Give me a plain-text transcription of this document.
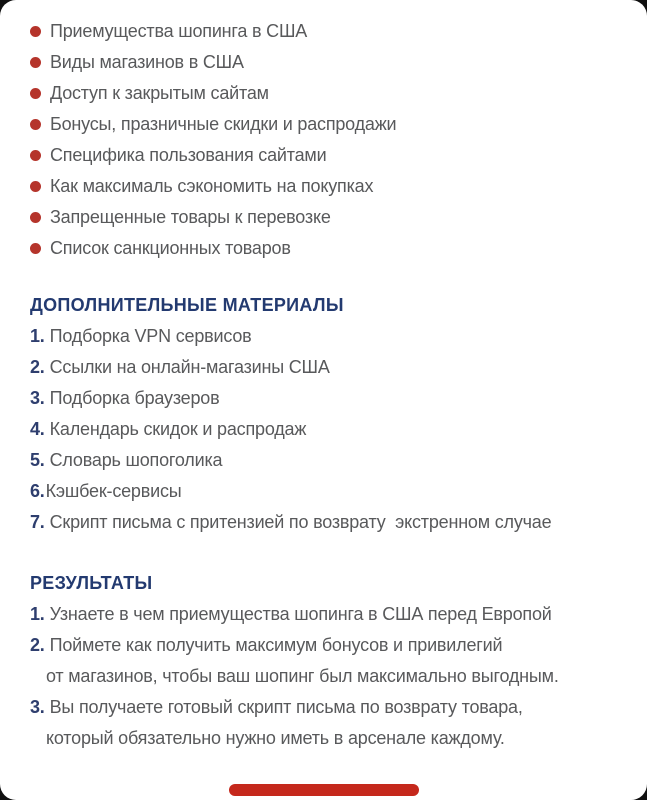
Приемущества шопинга в США
Виды магазинов в США
Доступ к закрытым сайтам
Бонусы, празничные скидки и распродажи
Специфика пользования сайтами
Как максималь сэкономить на покупках
Запрещенные товары к перевозке
Список санкционных товаров
ДОПОЛНИТЕЛЬНЫЕ МАТЕРИАЛЫ
1. Подборка VPN сервисов
2. Ссылки на онлайн-магазины США
3. Подборка браузеров
4. Календарь скидок и распродаж
5. Словарь шопоголика
6.Кэшбек-сервисы
7. Скрипт письма с притензией по возврату  экстренном случае
РЕЗУЛЬТАТЫ
1. Узнаете в чем приемущества шопинга в США перед Европой
2. Поймете как получить максимум бонусов и привилегий
от магазинов, чтобы ваш шопинг был максимально выгодным.
3. Вы получаете готовый скрипт письма по возврату товара,
который обязательно нужно иметь в арсенале каждому.
